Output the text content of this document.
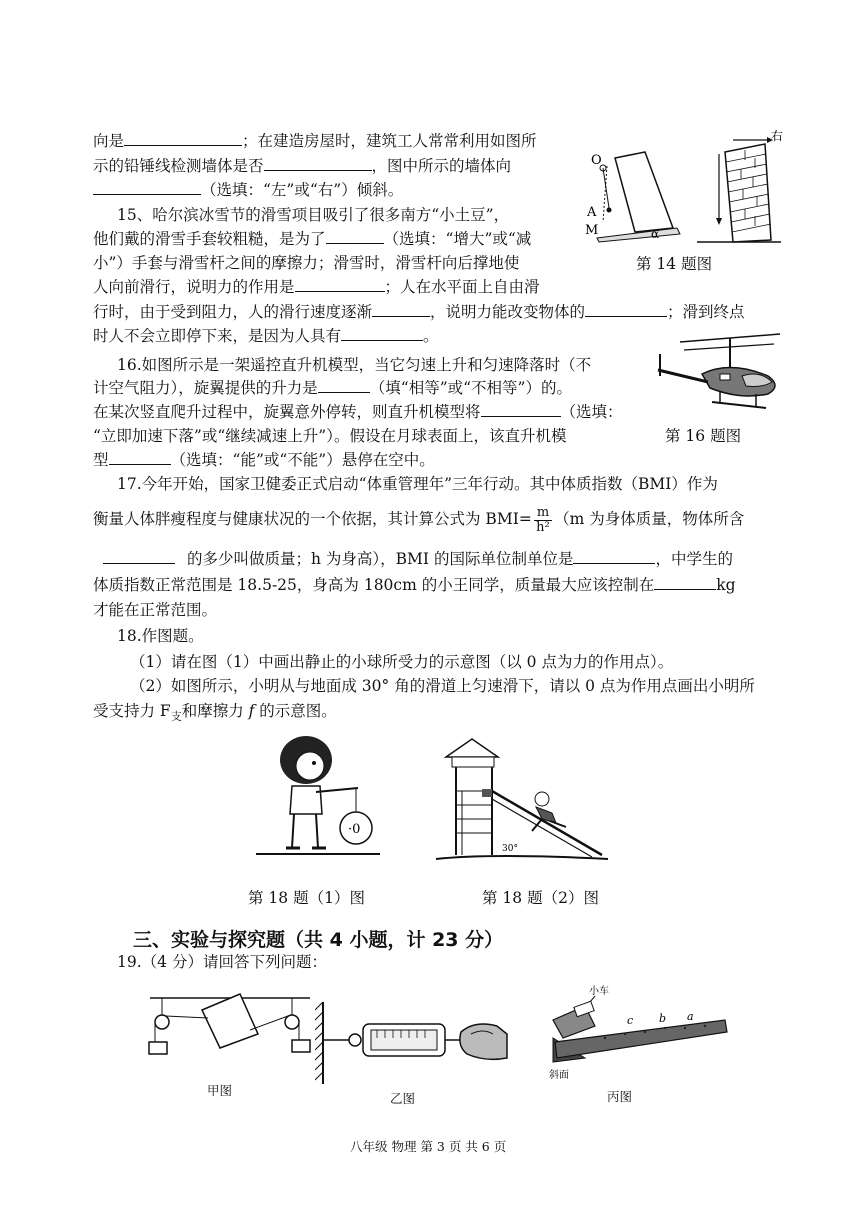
向是	；在建造房屋时，建筑工人常常利用如图所
示的铅锤线检测墙体是否	，图中所示的墙体向
（选填：“左”或“右”）倾斜。
O
A
M	α
右
第 14 题图
15、哈尔滨冰雪节的滑雪项目吸引了很多南方“小土豆”，
他们戴的滑雪手套较粗糙，是为了	（选填：“增大”或“减
小”）手套与滑雪杆之间的摩擦力；滑雪时，滑雪杆向后撑地使
人向前滑行，说明力的作用是	；人在水平面上自由滑
行时，由于受到阻力，人的滑行速度逐渐	，说明力能改变物体的	；滑到终点
时人不会立即停下来，是因为人具有	。
16.如图所示是一架遥控直升机模型，当它匀速上升和匀速降落时（不
计空气阻力），旋翼提供的升力是	（填“相等”或“不相等”）的。
在某次竖直爬升过程中，旋翼意外停转，则直升机模型将	（选填：
“立即加速下落”或“继续减速上升”）。假设在月球表面上，该直升机模
型	（选填：“能”或“不能”）悬停在空中。
第 16 题图
17.今年开始，国家卫健委正式启动“体重管理年”三年行动。其中体质指数（BMI）作为
衡量人体胖瘦程度与健康状况的一个依据，其计算公式为 $BMI= \frac{m}{\text{h²}} (m$ 为身体质量，物体所含
的多少叫做质量；h 为身高），BMI 的国际单位制单位是	，中学生的
体质指数正常范围是 18.5-25，身高为 180cm 的小王同学，质量最大应该控制在	kg
才能在正常范围。
18.作图题。
（1）请在图（1）中画出静止的小球所受力的示意图（以 0 点为力的作用点）。
（2）如图所示，小明从与地面成 30° 角的滑道上匀速滑下，请以 0 点为作用点画出小明所
受支持力 $F_支$和摩擦力 f 的示意图。
·0
第 18 题（1）图
30°
第 18 题（2）图
三、实验与探究题（共 4 小题，计 23 分）
19.（4 分）请回答下列问题：
甲图
乙图
小车
c b a
斜面
丙图
八年级 物理 第 3 页 共 6 页
